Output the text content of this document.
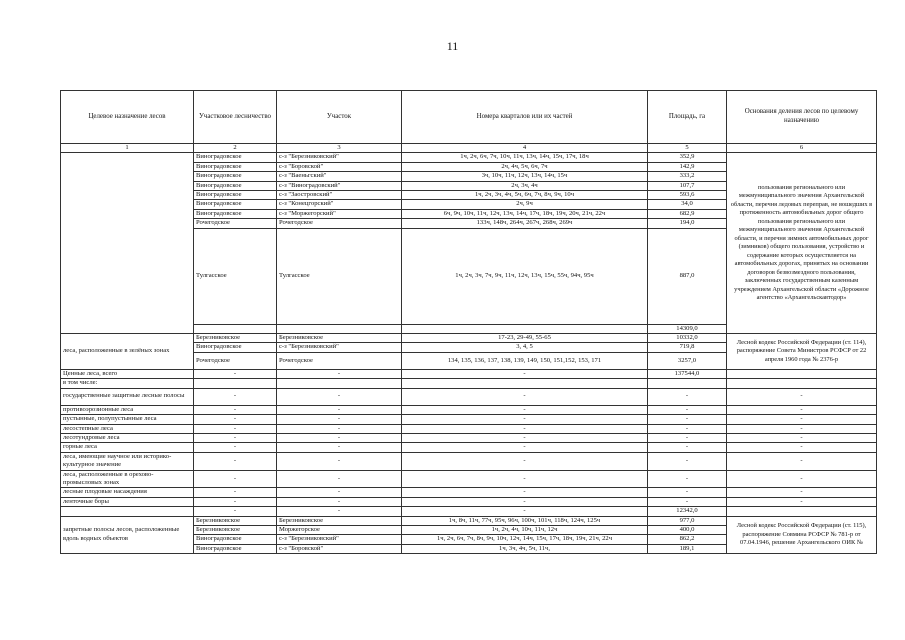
11
Целевое назначение лесов	Участковое лесничество	Участок	Номера кварталов или их частей	Площадь, га	Основания деления лесов по целевому назначению
1	2	3	4	5	6
	Виноградовское	с-з "Березниковский"	1ч, 2ч, 6ч, 7ч, 10ч, 11ч, 13ч, 14ч, 15ч, 17ч, 18ч	352,9	пользования регионального или межмуниципального значения Архангельской области, перечня ледовых переправ, не вошедших в протяженность автомобильных дорог общего пользования регионального или межмуниципального значения Архангельской области, и перечня зимних автомобильных дорог (зимников) общего пользования, устройство и содержание которых осуществляется на автомобильных дорогах, принятых на основании договоров безвозмездного пользования, заключенных государственным казенным учреждением Архангельской области «Дорожное агентство «Архангельскавтодор»
	Виноградовское	с-з "Боровской"	2ч, 4ч, 5ч, 6ч, 7ч	142,9	
	Виноградовское	с-з "Ваеньгский"	3ч, 10ч, 11ч, 12ч, 13ч, 14ч, 15ч	333,2	
	Виноградовское	с-з "Виноградовский"	2ч, 3ч, 4ч	107,7	
	Виноградовское	с-з "Заостровский"	1ч, 2ч, 3ч, 4ч, 5ч, 6ч, 7ч, 8ч, 9ч, 10ч	593,6	
	Виноградовское	с-з "Конецгорский"	2ч, 9ч	34,0	
	Виноградовское	с-з "Моржегорский"	6ч, 9ч, 10ч, 11ч, 12ч, 13ч, 14ч, 17ч, 18ч, 19ч, 20ч, 21ч, 22ч	682,9	
	Рочегодское	Рочегодское	133ч, 148ч, 264ч, 267ч, 268ч, 269ч	194,0	
	Тулгасское	Тулгасское	1ч, 2ч, 3ч, 7ч, 9ч, 11ч, 12ч, 13ч, 15ч, 55ч, 94ч, 95ч	887,0	
				14309,0	
леса, расположенные в зелёных зонах	Березниковское	Березниковское	17-23, 29-49, 55-65	10332,0	Лесной кодекс Российской Федерации (ст. 114), распоряжение Совета Министров РСФСР от 22 апреля 1960 года № 2376-р
	Виноградовское	с-з "Березниковский"	3, 4, 5	719,8	
	Рочегодское	Рочегодское	134, 135, 136, 137, 138, 139, 149, 150, 151,152, 153, 171	3257,0	
Ценные леса, всего	-	-	-	137544,0	
в том числе:					
государственные защитные лесные полосы	-	-	-	-	-
противоэрозионные леса	-	-	-	-	-
пустынные, полупустынные леса	-	-	-	-	-
лесостепные леса	-	-	-	-	-
лесотундровые леса	-	-	-	-	-
горные леса	-	-	-	-	-
леса, имеющие научное или историко-культурное значение	-	-	-	-	-
леса, расположенные в орехово-промысловых зонах	-	-	-	-	-
лесные плодовые насаждения	-	-	-	-	-
ленточные боры	-	-	-	-	-
	-	-	-	12342,0	
запретные полосы лесов, расположенные вдоль водных объектов	Березниковское	Березниковское	1ч, 8ч, 11ч, 77ч, 95ч, 96ч, 100ч, 101ч, 118ч, 124ч, 125ч	977,0	Лесной кодекс Российской Федерации (ст. 115), распоряжение Совмина РСФСР № 781-р от 07.04.1946, решение Архангельского ОИК №
	Березниковское	Моржегорское	1ч, 2ч, 4ч, 10ч, 11ч, 12ч	400,0	
	Виноградовское	с-з "Березниковский"	1ч, 2ч, 6ч, 7ч, 8ч, 9ч, 10ч, 12ч, 14ч, 15ч, 17ч, 18ч, 19ч, 21ч, 22ч	862,2	
	Виноградовское	с-з "Боровской"	1ч, 3ч, 4ч, 5ч, 11ч,	189,1	
